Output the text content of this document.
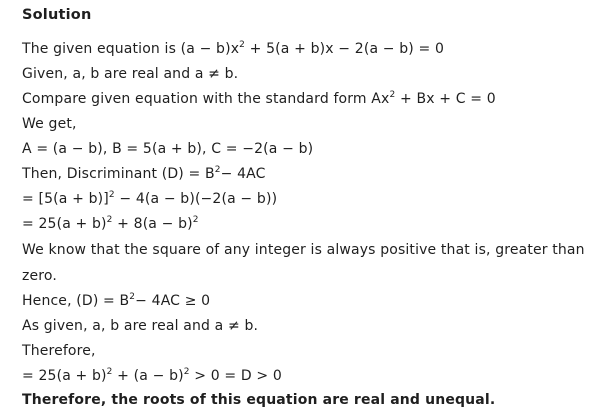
Solution
The given equation is $(a - b)x^2 + 5(a + b)x - 2(a - b) = 0$
Given, a, b are real and a ≠ b.
Compare given equation with the standard form $Ax^2 + Bx + C = 0$
We get,
A = (a − b), B = 5(a + b), C = −2(a − b)
Then, Discriminant $(D) = B^2- 4AC$
= $[5(a + b)]^2 - 4(a - b)(-2(a - b))$
= $25(a + b)^2 + 8(a - b)^2$
We know that the square of any integer is always positive that is, greater than
zero.
Hence, $(D) = B^2- 4AC \ge 0$
As given, a, b are real and a ≠ b.
Therefore,
= $25(a + b)^2 + (a - b)^2 > 0 = D > 0$
Therefore, the roots of this equation are real and unequal.
